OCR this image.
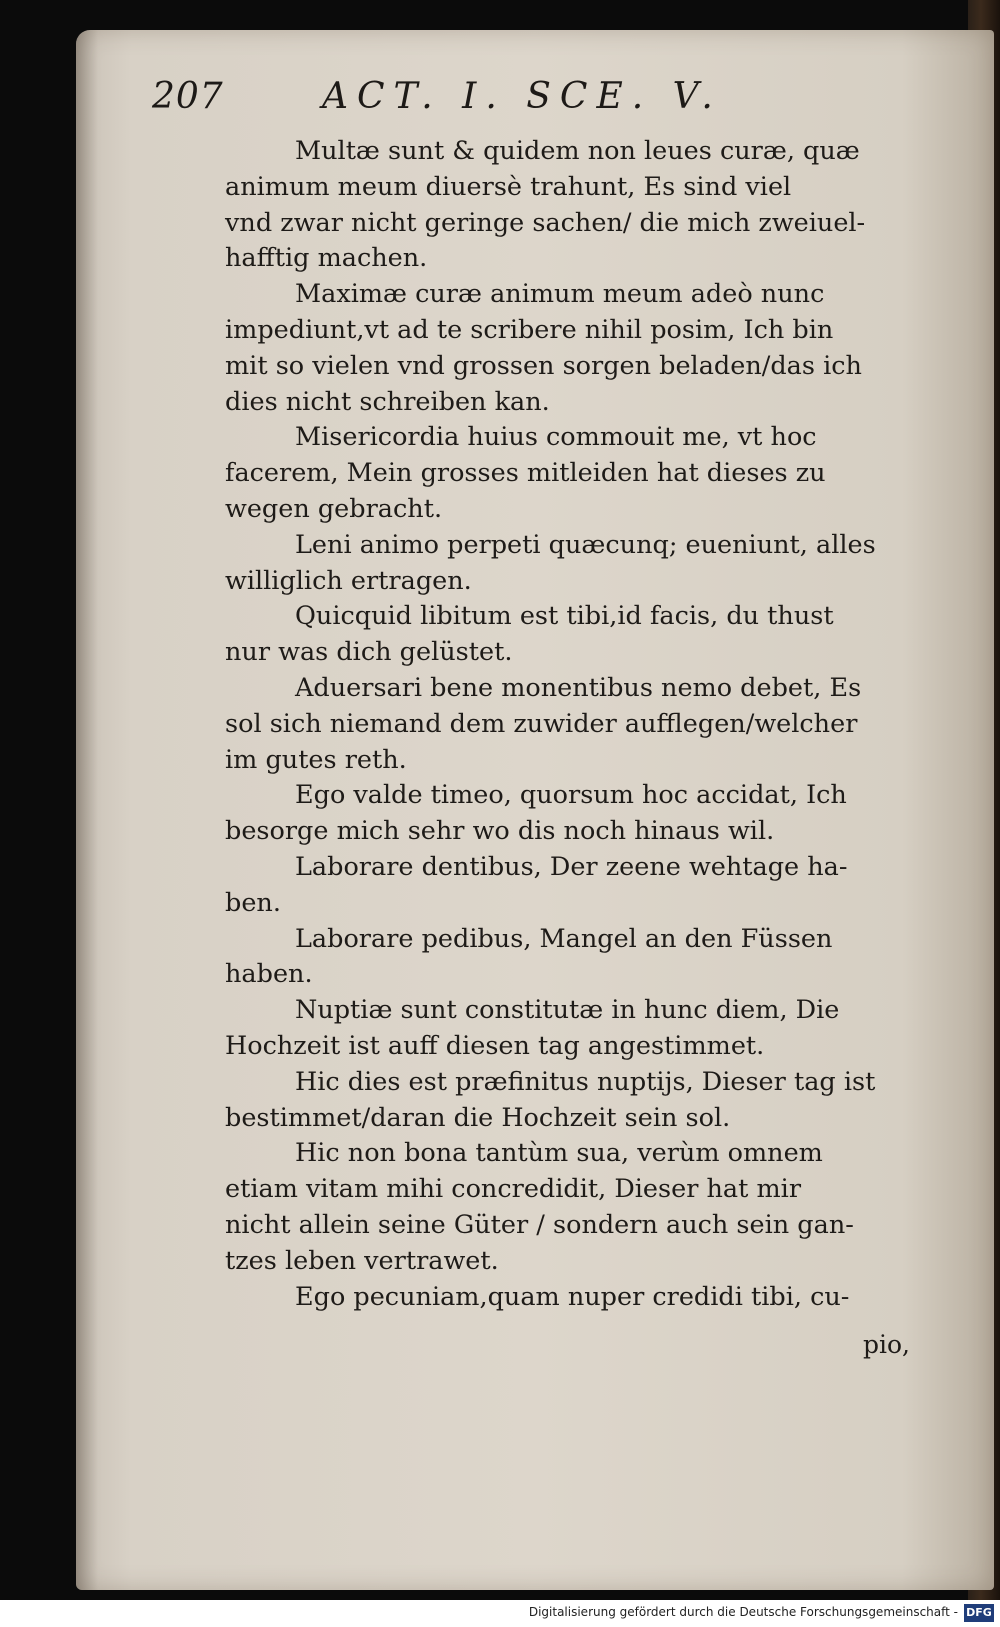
207	ACT. I. SCE. V.
Multæ sunt & quidem non leues curæ, quæ
animum meum diuersè trahunt, Es sind viel
vnd zwar nicht geringe sachen/ die mich zweiuel-
hafftig machen.
Maximæ curæ animum meum adeò nunc
impediunt,vt ad te scribere nihil posim, Ich bin
mit so vielen vnd grossen sorgen beladen/das ich
dies nicht schreiben kan.
Misericordia huius commouit me, vt hoc
facerem, Mein grosses mitleiden hat dieses zu
wegen gebracht.
Leni animo perpeti quæcunq; eueniunt, alles
williglich ertragen.
Quicquid libitum est tibi,id facis, du thust
nur was dich gelüstet.
Aduersari bene monentibus nemo debet, Es
sol sich niemand dem zuwider aufflegen/welcher
im gutes reth.
Ego valde timeo, quorsum hoc accidat, Ich
besorge mich sehr wo dis noch hinaus wil.
Laborare dentibus, Der zeene wehtage ha-
ben.
Laborare pedibus, Mangel an den Füssen
haben.
Nuptiæ sunt constitutæ in hunc diem, Die
Hochzeit ist auff diesen tag angestimmet.
Hic dies est præfinitus nuptijs, Dieser tag ist
bestimmet/daran die Hochzeit sein sol.
Hic non bona tantùm sua, verùm omnem
etiam vitam mihi concredidit, Dieser hat mir
nicht allein seine Güter / sondern auch sein gan-
tzes leben vertrawet.
Ego pecuniam,quam nuper credidi tibi, cu-
pio,
Digitalisierung gefördert durch die Deutsche Forschungsgemeinschaft - DFG
